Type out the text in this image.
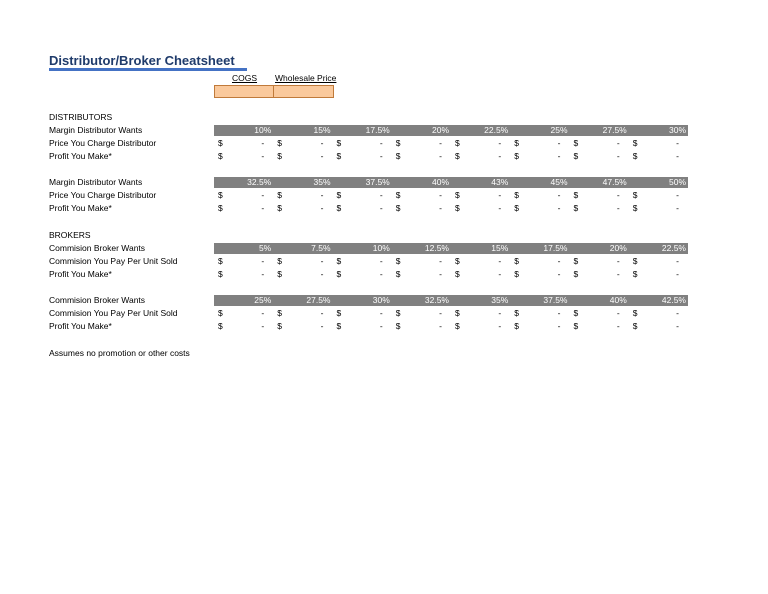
Distributor/Broker Cheatsheet
COGS Wholesale Price
DISTRIBUTORS
Margin Distributor Wants	10%	15%	17.5%	20%	22.5%	25%	27.5%	30%
Price You Charge Distributor	$	- $	- $	- $	- $	- $	- $	- $	-
Profit You Make*	$	- $	- $	- $	- $	- $	- $	- $	-
Margin Distributor Wants	32.5%	35%	37.5%	40%	43%	45%	47.5%	50%
Price You Charge Distributor	$	- $	- $	- $	- $	- $	- $	- $	-
Profit You Make*	$	- $	- $	- $	- $	- $	- $	- $	-
BROKERS
Commision Broker Wants	5%	7.5%	10%	12.5%	15%	17.5%	20%	22.5%
Commision You Pay Per Unit Sold	$	- $	- $	- $	- $	- $	- $	- $	-
Profit You Make*	$	- $	- $	- $	- $	- $	- $	- $	-
Commision Broker Wants	25%	27.5%	30%	32.5%	35%	37.5%	40%	42.5%
Commision You Pay Per Unit Sold	$	- $	- $	- $	- $	- $	- $	- $	-
Profit You Make*	$	- $	- $	- $	- $	- $	- $	- $	-
Assumes no promotion or other costs
